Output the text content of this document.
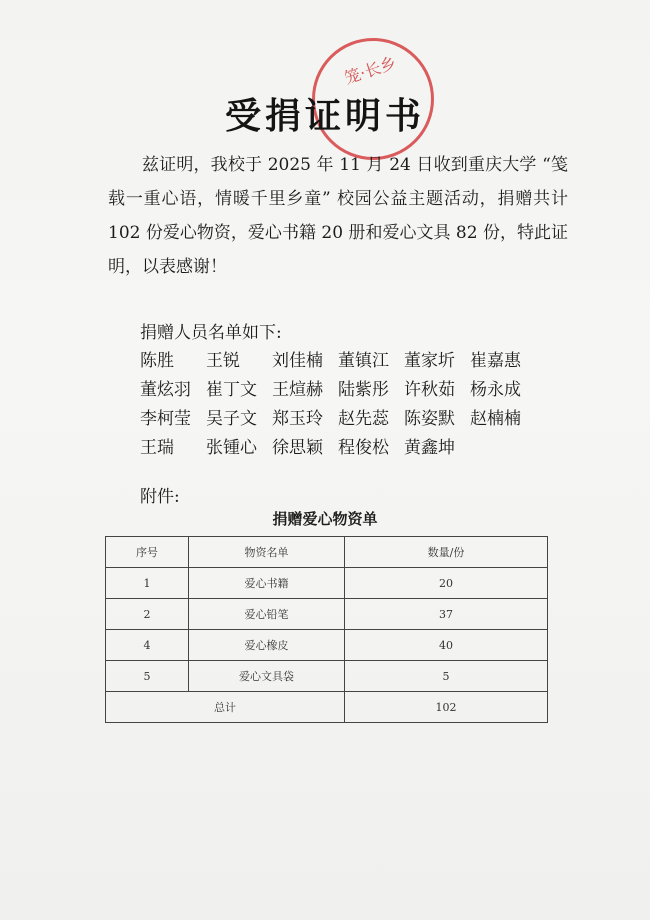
笼·长乡
受捐证明书
兹证明，我校于 2025 年 11 月 24 日收到重庆大学 “笺载一重心语，情暖千里乡童” 校园公益主题活动，捐赠共计 102 份爱心物资，爱心书籍 20 册和爱心文具 82 份，特此证明，以表感谢！
捐赠人员名单如下:
陈胜	王锐	刘佳楠 董镇江 董家圻 崔嘉惠
董炫羽 崔丁文 王煊赫 陆紫彤 许秋茹 杨永成
李柯莹 吴子文 郑玉玲 赵先蕊 陈姿默 赵楠楠
王瑞	张锺心 徐思颖 程俊松 黄鑫坤
附件:
捐赠爱心物资单
序号	物资名单	数量/份
1	爱心书籍	20
2	爱心铅笔	37
4	爱心橡皮	40
5	爱心文具袋	5
总计		102
